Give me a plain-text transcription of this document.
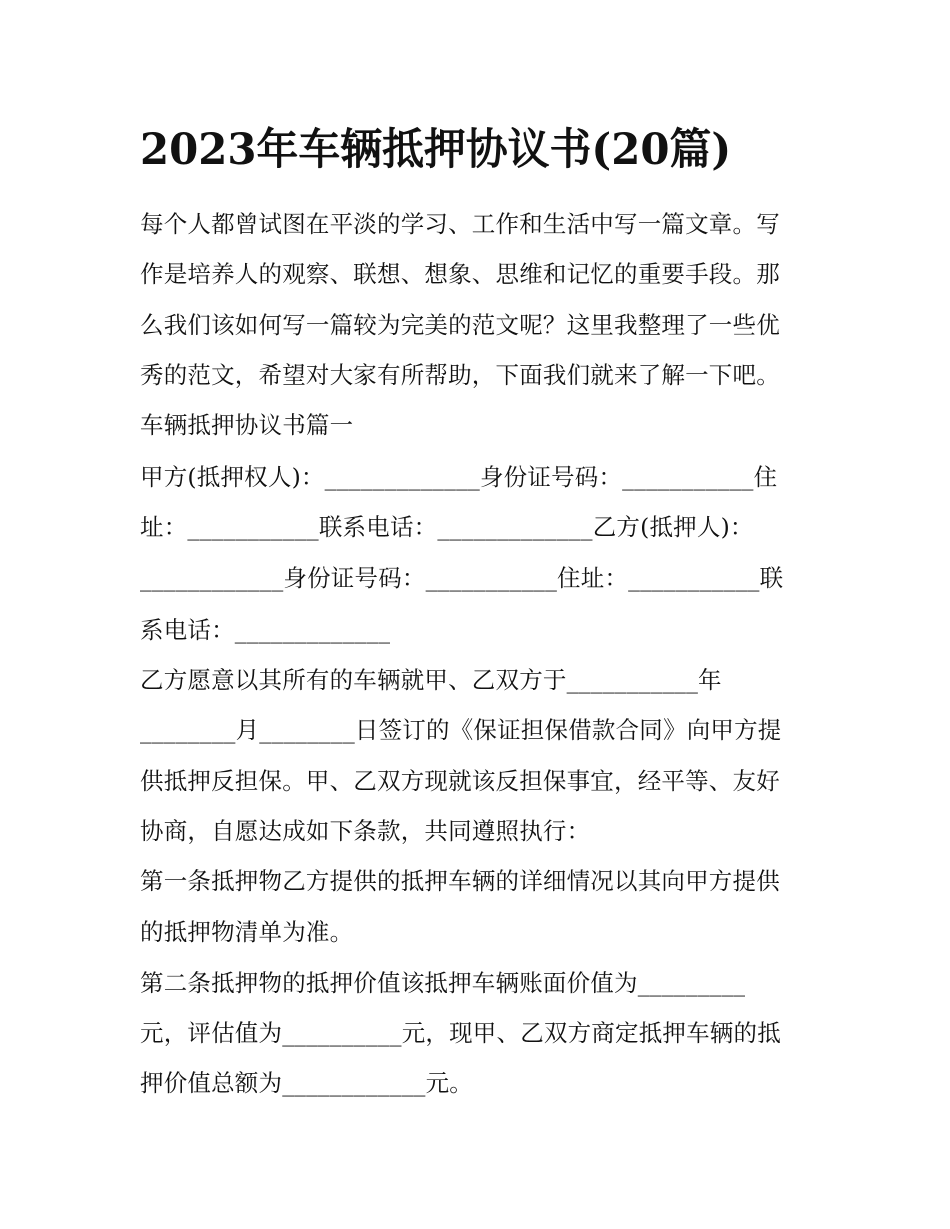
2023年车辆抵押协议书(20篇)
每个人都曾试图在平淡的学习、工作和生活中写一篇文章。写
作是培养人的观察、联想、想象、思维和记忆的重要手段。那
么我们该如何写一篇较为完美的范文呢？这里我整理了一些优
秀的范文，希望对大家有所帮助，下面我们就来了解一下吧。
车辆抵押协议书篇一
甲方(抵押权人)：_____________身份证号码：___________住
址：___________联系电话：_____________乙方(抵押人)：
____________身份证号码：___________住址：___________联
系电话：_____________
乙方愿意以其所有的车辆就甲、乙双方于___________年
________月________日签订的《保证担保借款合同》向甲方提
供抵押反担保。甲、乙双方现就该反担保事宜，经平等、友好
协商，自愿达成如下条款，共同遵照执行：
第一条抵押物乙方提供的抵押车辆的详细情况以其向甲方提供
的抵押物清单为准。
第二条抵押物的抵押价值该抵押车辆账面价值为_________
元，评估值为__________元，现甲、乙双方商定抵押车辆的抵
押价值总额为____________元。
